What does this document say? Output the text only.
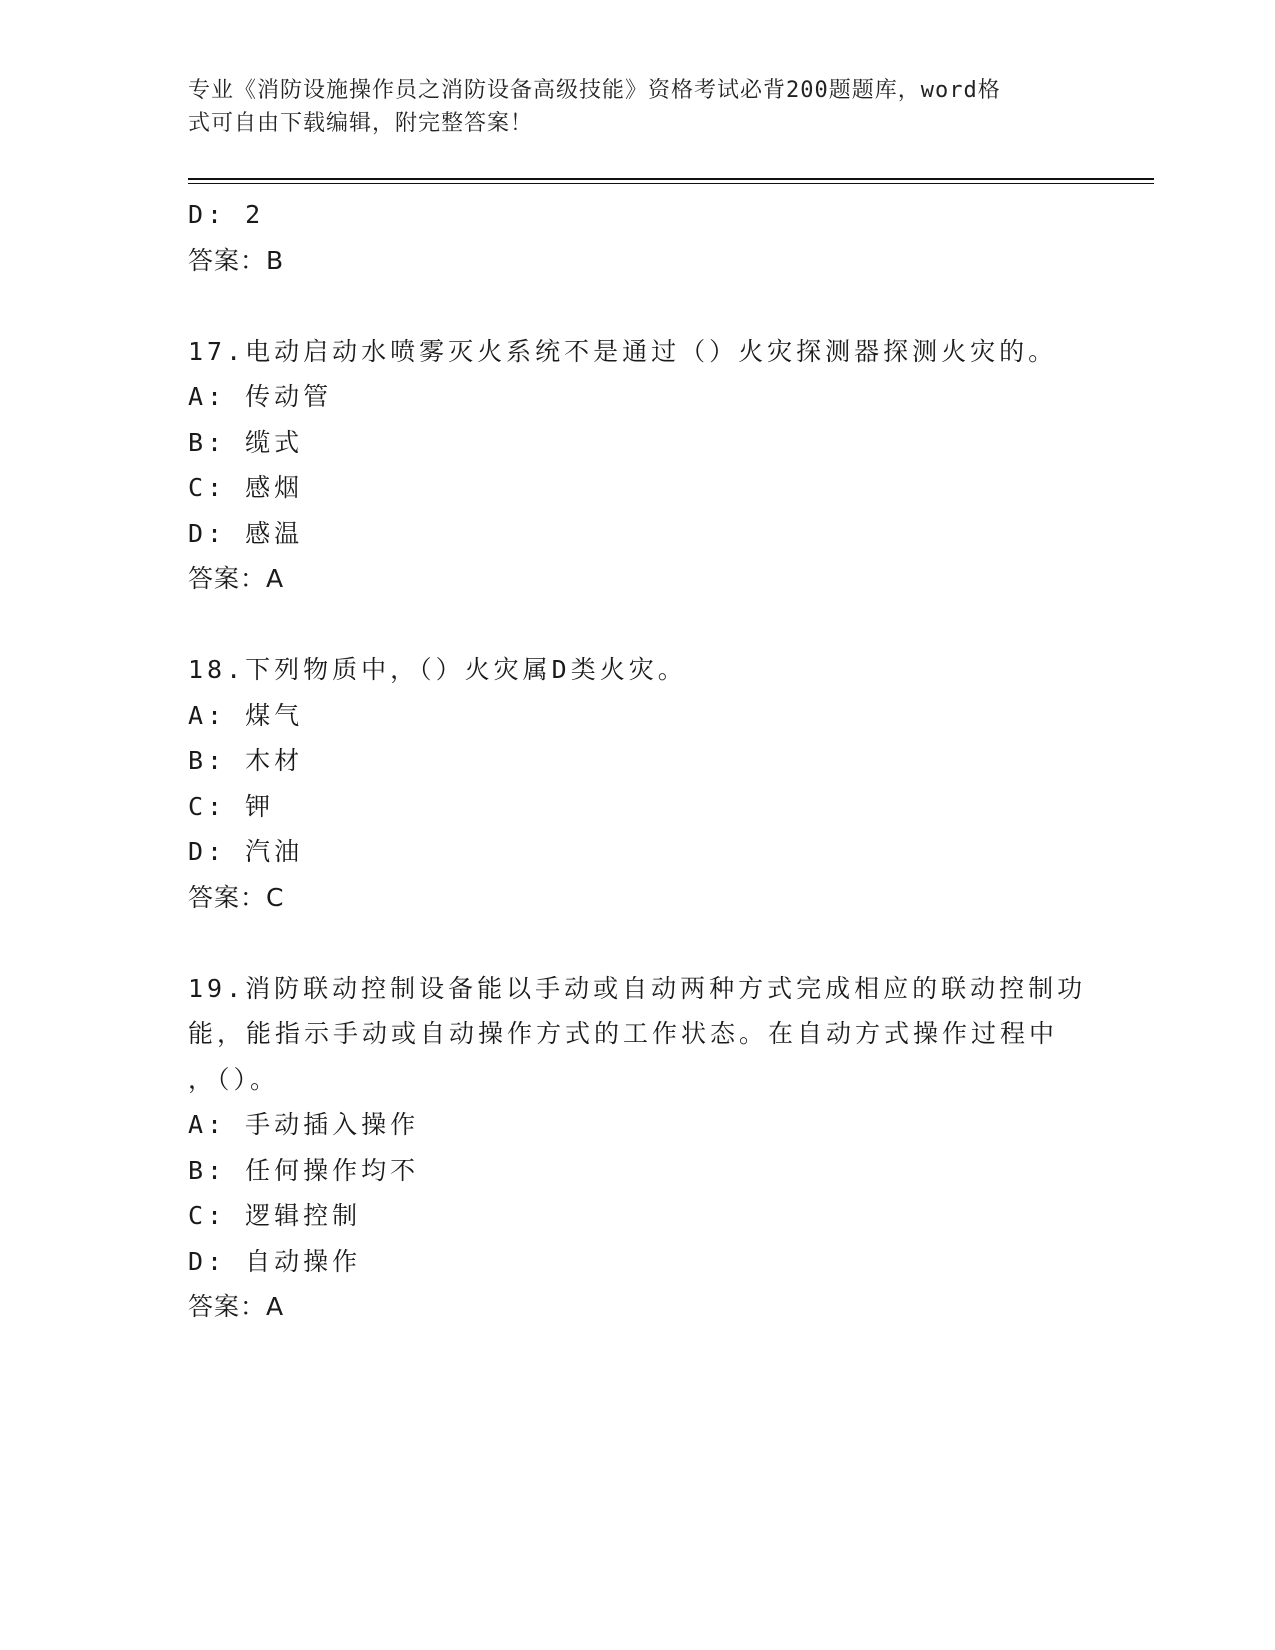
专业《消防设施操作员之消防设备高级技能》资格考试必背200题题库，word格
式可自由下载编辑，附完整答案！
D: 2
答案：B
17.电动启动水喷雾灭火系统不是通过（）火灾探测器探测火灾的。
A: 传动管
B: 缆式
C: 感烟
D: 感温
答案：A
18.下列物质中，（）火灾属D类火灾。
A: 煤气
B: 木材
C: 钾
D: 汽油
答案：C
19.消防联动控制设备能以手动或自动两种方式完成相应的联动控制功
能，能指示手动或自动操作方式的工作状态。在自动方式操作过程中
，（）。
A: 手动插入操作
B: 任何操作均不
C: 逻辑控制
D: 自动操作
答案：A
